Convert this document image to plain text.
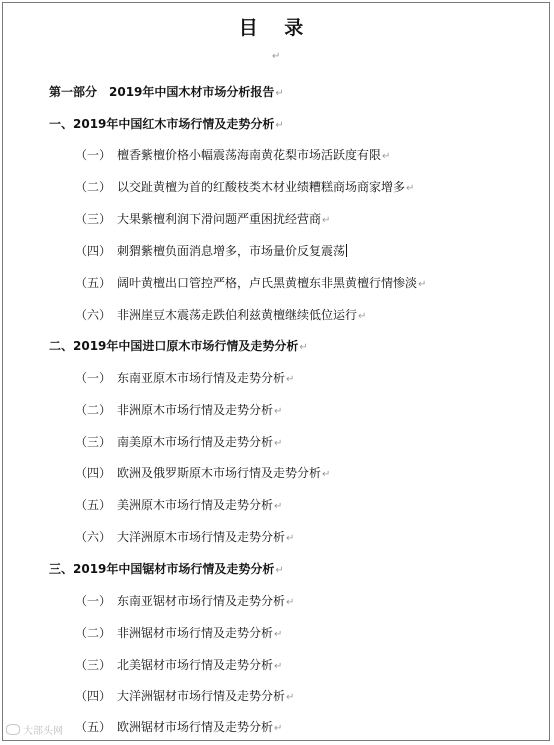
目 录
↵
第一部分　2019年中国木材市场分析报告↵
一、2019年中国红木市场行情及走势分析↵
（一） 檀香紫檀价格小幅震荡海南黄花梨市场活跃度有限↵
（二） 以交趾黄檀为首的红酸枝类木材业绩糟糕商场商家增多↵
（三） 大果紫檀利润下滑问题严重困扰经营商↵
（四） 刺猬紫檀负面消息增多，市场量价反复震荡
（五） 阔叶黄檀出口管控严格，卢氏黑黄檀东非黑黄檀行情惨淡↵
（六） 非洲崖豆木震荡走跌伯利兹黄檀继续低位运行↵
二、2019年中国进口原木市场行情及走势分析↵
（一） 东南亚原木市场行情及走势分析↵
（二） 非洲原木市场行情及走势分析↵
（三） 南美原木市场行情及走势分析↵
（四） 欧洲及俄罗斯原木市场行情及走势分析↵
（五） 美洲原木市场行情及走势分析↵
（六） 大洋洲原木市场行情及走势分析↵
三、2019年中国锯材市场行情及走势分析↵
（一） 东南亚锯材市场行情及走势分析↵
（二） 非洲锯材市场行情及走势分析↵
（三） 北美锯材市场行情及走势分析↵
（四） 大洋洲锯材市场行情及走势分析↵
（五） 欧洲锯材市场行情及走势分析↵
大部头网
